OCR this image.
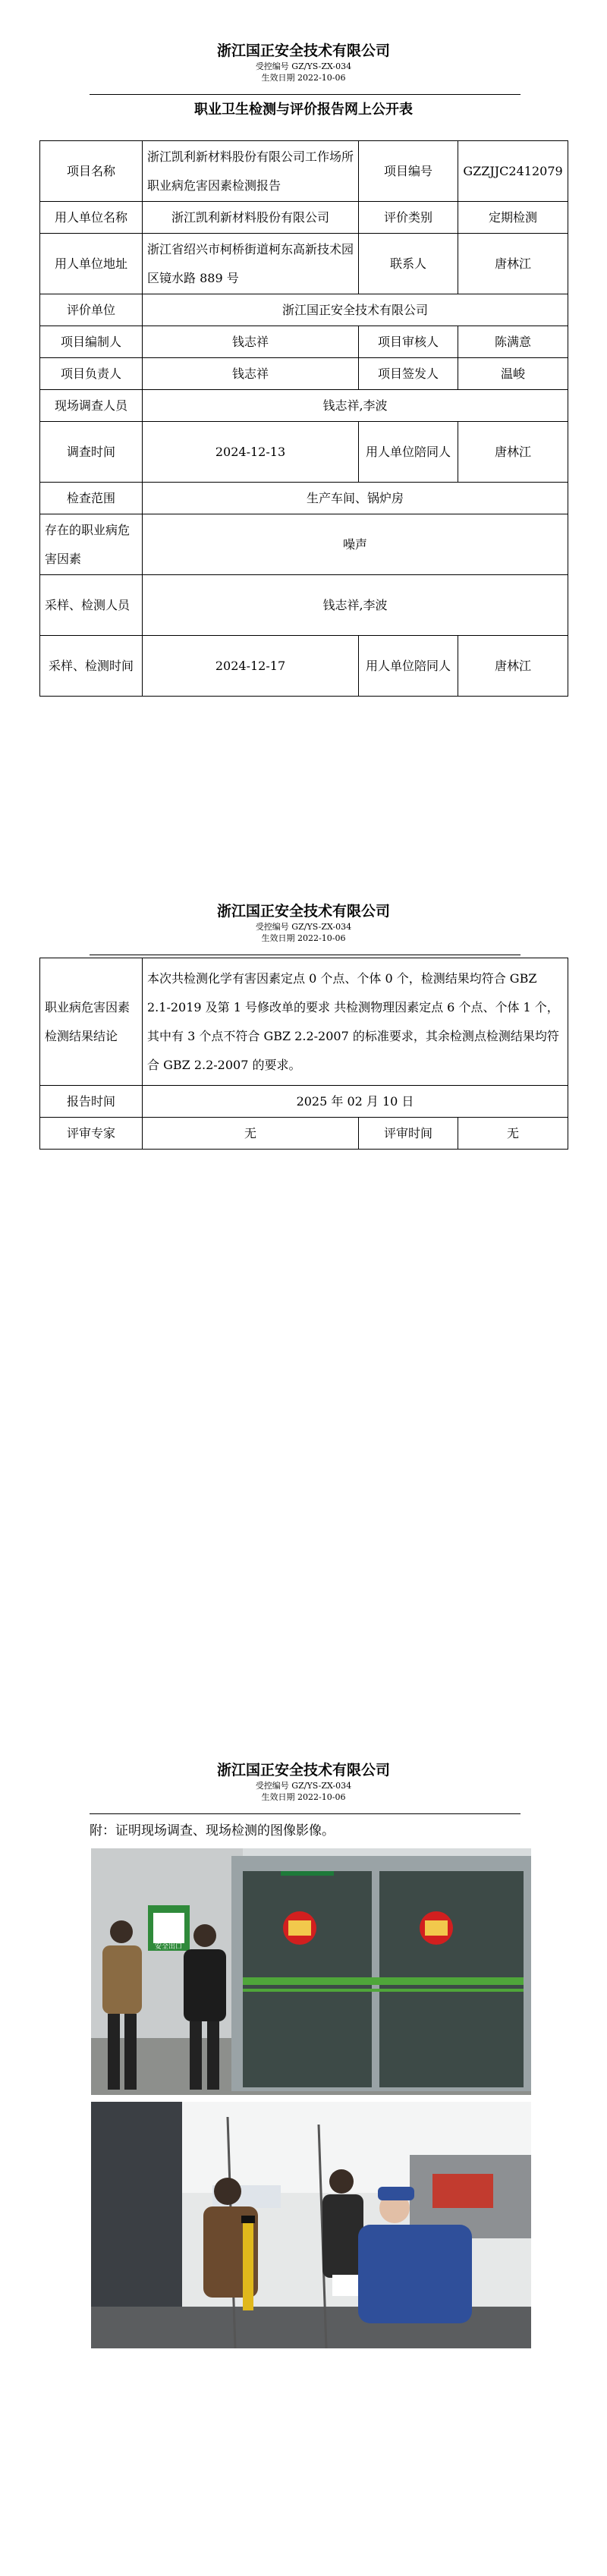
浙江国正安全技术有限公司
受控编号 GZ/YS-ZX-034
生效日期 2022-10-06
职业卫生检测与评价报告网上公开表
项目名称	浙江凯利新材料股份有限公司工作场所职业病危害因素检测报告	项目编号	GZZJJC2412079
用人单位名称	浙江凯利新材料股份有限公司	评价类别	定期检测
用人单位地址	浙江省绍兴市柯桥街道柯东高新技术园区镜水路 889 号	联系人	唐林江
评价单位	浙江国正安全技术有限公司		
项目编制人	钱志祥	项目审核人	陈满意
项目负责人	钱志祥	项目签发人	温峻
现场调查人员	钱志祥,李波		
调查时间	2024-12-13	用人单位陪同人	唐林江
检查范围	生产车间、锅炉房		
存在的职业病危害因素	噪声		
采样、检测人员	钱志祥,李波		
采样、检测时间	2024-12-17	用人单位陪同人	唐林江
浙江国正安全技术有限公司
受控编号 GZ/YS-ZX-034
生效日期 2022-10-06
职业病危害因素检测结果结论	本次共检测化学有害因素定点 0 个点、个体 0 个，检测结果均符合 GBZ 2.1-2019 及第 1 号修改单的要求 共检测物理因素定点 6 个点、个体 1 个，其中有 3 个点不符合 GBZ 2.2-2007 的标准要求，其余检测点检测结果均符合 GBZ 2.2-2007 的要求。		
报告时间	2025 年 02 月 10 日		
评审专家	无	评审时间	无
浙江国正安全技术有限公司
受控编号 GZ/YS-ZX-034
生效日期 2022-10-06
附：证明现场调查、现场检测的图像影像。
安全出口
